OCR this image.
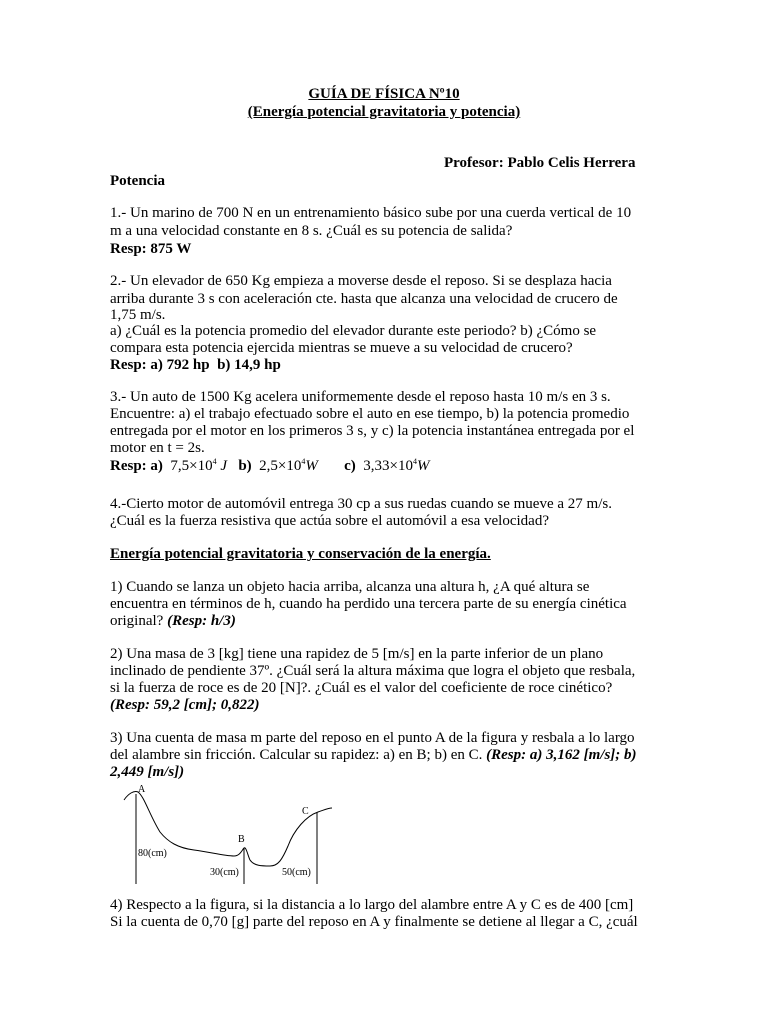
GUÍA DE FÍSICA Nº10
(Energía potencial gravitatoria y potencia)
Profesor: Pablo Celis Herrera
Potencia
1.- Un marino de 700 N en un entrenamiento básico sube por una cuerda vertical de 10
m a una velocidad constante en 8 s. ¿Cuál es su potencia de salida?
Resp: 875 W
2.- Un elevador de 650 Kg empieza a moverse desde el reposo. Si se desplaza hacia
arriba durante 3 s con aceleración cte. hasta que alcanza una velocidad de crucero de
1,75 m/s.
a) ¿Cuál es la potencia promedio del elevador durante este periodo? b) ¿Cómo se
compara esta potencia ejercida mientras se mueve a su velocidad de crucero?
Resp: a) 792 hp  b) 14,9 hp
3.- Un auto de 1500 Kg acelera uniformemente desde el reposo hasta 10 m/s en 3 s.
Encuentre: a) el trabajo efectuado sobre el auto en ese tiempo, b) la potencia promedio
entregada por el motor en los primeros 3 s, y c) la potencia instantánea entregada por el
motor en t = 2s.
Resp: a) $7,5\times 10^4$ J b) $2,5\times 10^4W$ c) $3,33\times 10^4W$
4.-Cierto motor de automóvil entrega 30 cp a sus ruedas cuando se mueve a 27 m/s.
¿Cuál es la fuerza resistiva que actúa sobre el automóvil a esa velocidad?
Energía potencial gravitatoria y conservación de la energía.
1) Cuando se lanza un objeto hacia arriba, alcanza una altura h, ¿A qué altura se
encuentra en términos de h, cuando ha perdido una tercera parte de su energía cinética
original? (Resp: h/3)
2) Una masa de 3 [kg] tiene una rapidez de 5 [m/s] en la parte inferior de un plano
inclinado de pendiente 37º. ¿Cuál será la altura máxima que logra el objeto que resbala,
si la fuerza de roce es de 20 [N]?. ¿Cuál es el valor del coeficiente de roce cinético?
(Resp: 59,2 [cm]; 0,822)
3) Una cuenta de masa m parte del reposo en el punto A de la figura y resbala a lo largo
del alambre sin fricción. Calcular su rapidez: a) en B; b) en C. (Resp: a) 3,162 [m/s]; b)
2,449 [m/s])
A
B
C
80(cm)
30(cm)	50(cm)
4) Respecto a la figura, si la distancia a lo largo del alambre entre A y C es de 400 [cm]
Si la cuenta de 0,70 [g] parte del reposo en A y finalmente se detiene al llegar a C, ¿cuál
